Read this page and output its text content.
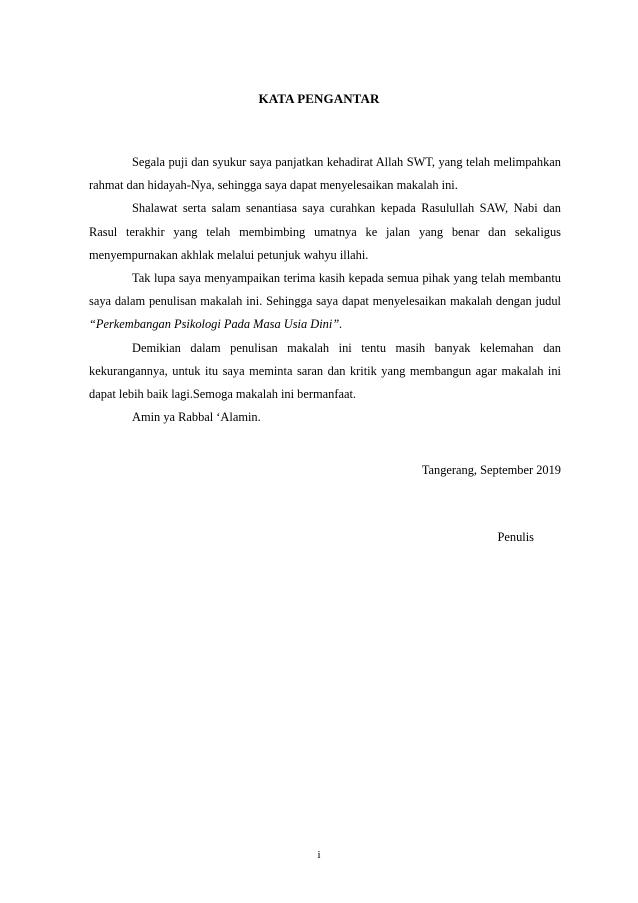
KATA PENGANTAR

Segala puji dan syukur saya panjatkan kehadirat Allah SWT, yang telah melimpahkan rahmat dan hidayah-Nya, sehingga saya dapat menyelesaikan makalah ini.

Shalawat serta salam senantiasa saya curahkan kepada Rasulullah SAW, Nabi dan Rasul terakhir yang telah membimbing umatnya ke jalan yang benar dan sekaligus menyempurnakan akhlak melalui petunjuk wahyu illahi.

Tak lupa saya menyampaikan terima kasih kepada semua pihak yang telah membantu saya dalam penulisan makalah ini. Sehingga saya dapat menyelesaikan makalah dengan judul “Perkembangan Psikologi Pada Masa Usia Dini”.

Demikian dalam penulisan makalah ini tentu masih banyak kelemahan dan kekurangannya, untuk itu saya meminta saran dan kritik yang membangun agar makalah ini dapat lebih baik lagi.Semoga makalah ini bermanfaat.

Amin ya Rabbal ‘Alamin.

Tangerang, September 2019
Penulis
i
